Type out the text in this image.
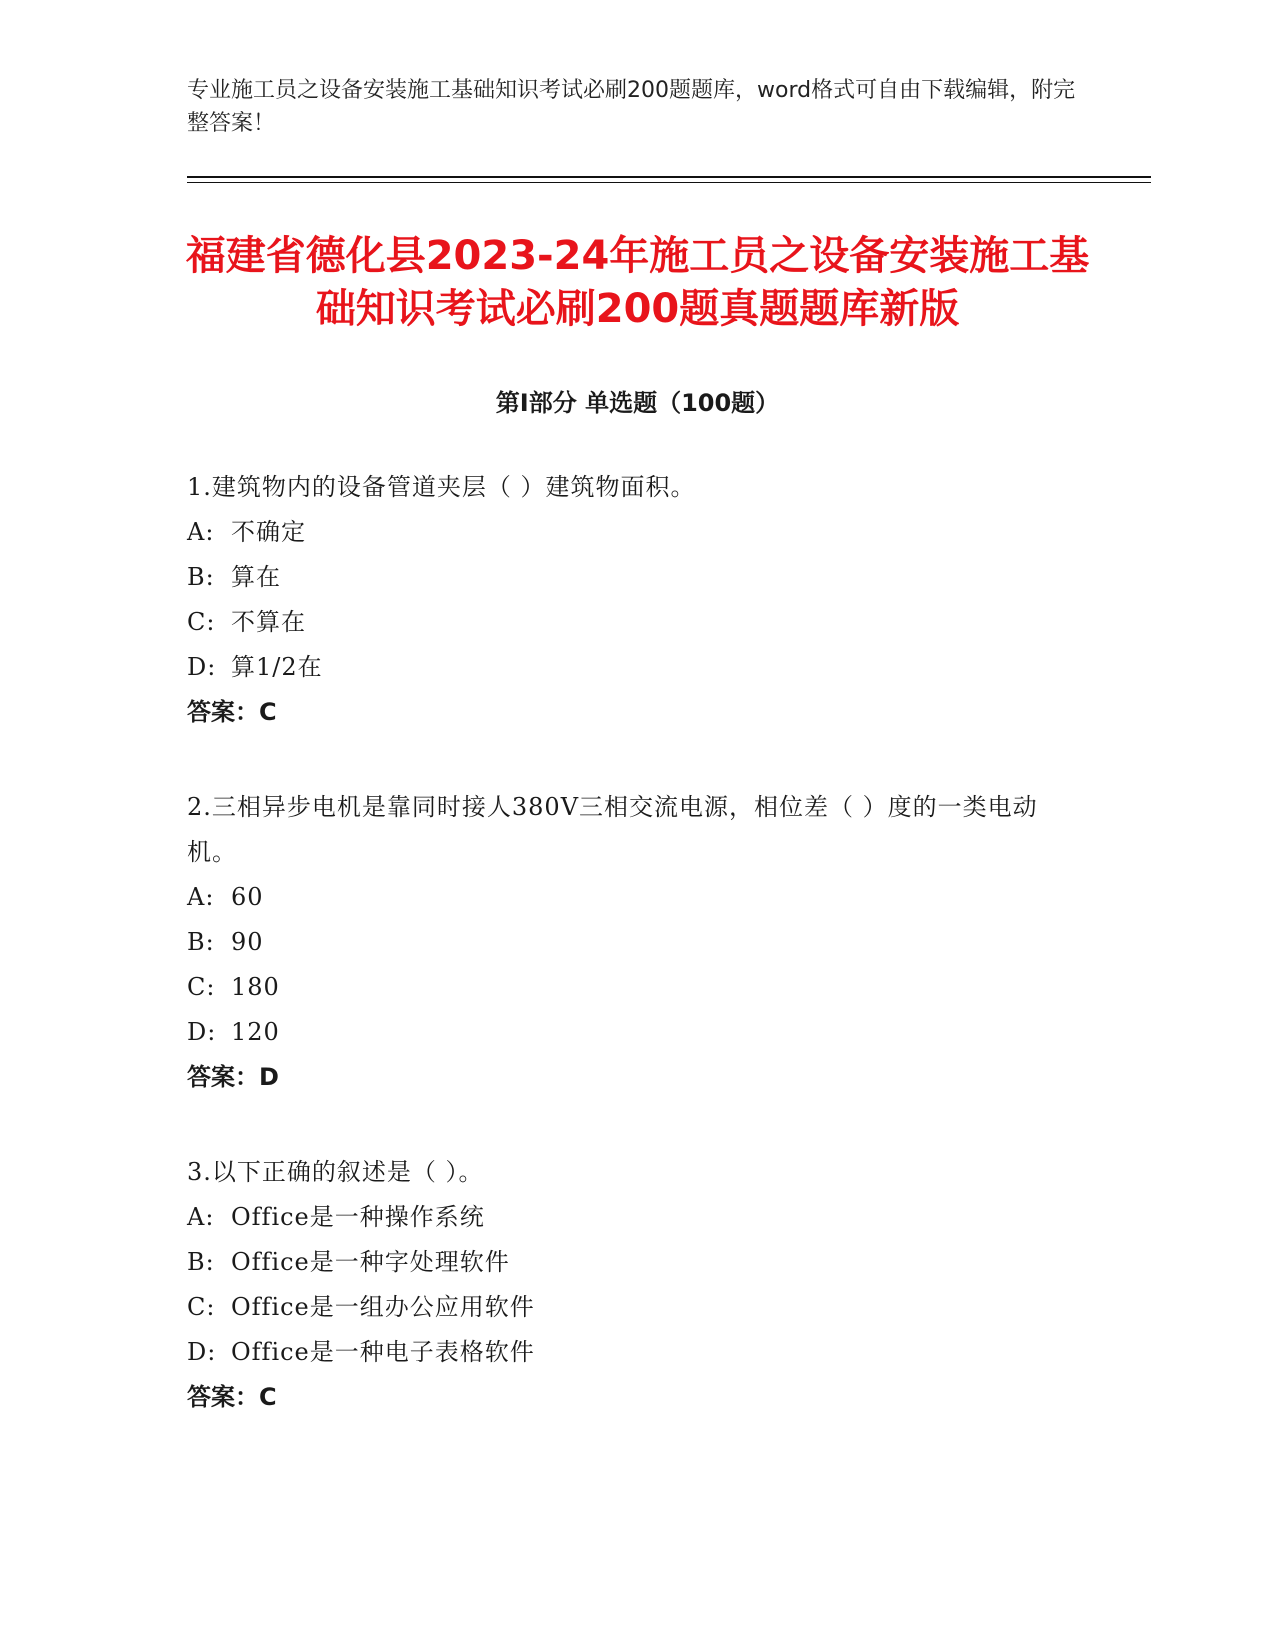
专业施工员之设备安装施工基础知识考试必刷200题题库，word格式可自由下载编辑，附完整答案！
福建省德化县2023-24年施工员之设备安装施工基础知识考试必刷200题真题题库新版
第Ⅰ部分 单选题（100题）
1.建筑物内的设备管道夹层（ ）建筑物面积。
A: 不确定
B: 算在
C: 不算在
D: 算1/2在
答案：C
2.三相异步电机是靠同时接人380V三相交流电源，相位差（ ）度的一类电动机。
A: 60
B: 90
C: 180
D: 120
答案：D
3.以下正确的叙述是（ ）。
A: Office是一种操作系统
B: Office是一种字处理软件
C: Office是一组办公应用软件
D: Office是一种电子表格软件
答案：C
